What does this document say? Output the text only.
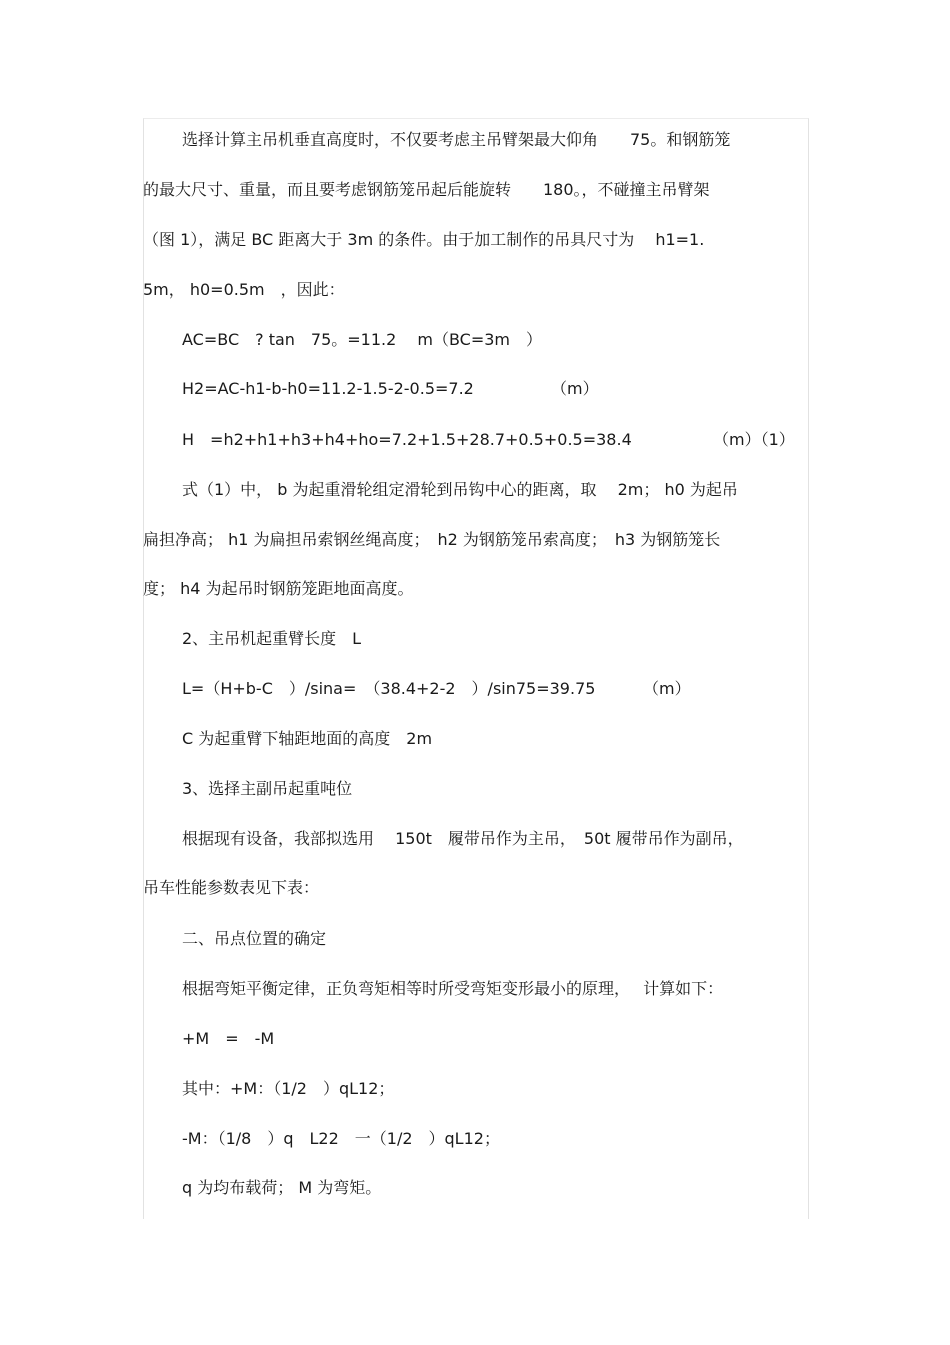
选择计算主吊机垂直高度时，不仅要考虑主吊臂架最大仰角　　75。和钢筋笼
的最大尺寸、重量，而且要考虑钢筋笼吊起后能旋转　　180。，不碰撞主吊臂架
（图 1），满足 BC 距离大于 3m 的条件。由于加工制作的吊具尺寸为　 h1=1.
5m， h0=0.5m　，因此：
AC=BC　? tan　75。=11.2　 m（BC=3m　）
H2=AC-h1-b-h0=11.2-1.5-2-0.5=7.2	（m）
H　=h2+h1+h3+h4+ho=7.2+1.5+28.7+0.5+0.5=38.4	（m）（1）
式（1）中， b 为起重滑轮组定滑轮到吊钩中心的距离，取　 2m； h0 为起吊
扁担净高； h1 为扁担吊索钢丝绳高度；　h2 为钢筋笼吊索高度；　h3 为钢筋笼长
度； h4 为起吊时钢筋笼距地面高度。
2、主吊机起重臂长度　L
L=（H+b-C　）/sina=　（38.4+2-2　）/sin75=39.75	（m）
C 为起重臂下轴距地面的高度　2m
3、选择主副吊起重吨位
根据现有设备，我部拟选用　 150t　履带吊作为主吊，　50t 履带吊作为副吊，
吊车性能参数表见下表：
二、吊点位置的确定
根据弯矩平衡定律，正负弯矩相等时所受弯矩变形最小的原理，　 计算如下：
+M　=　-M
其中：+M：（1/2　）qL12；
-M：（1/8　）q　L22　一（1/2　）qL12；
q 为均布载荷； M 为弯矩。
